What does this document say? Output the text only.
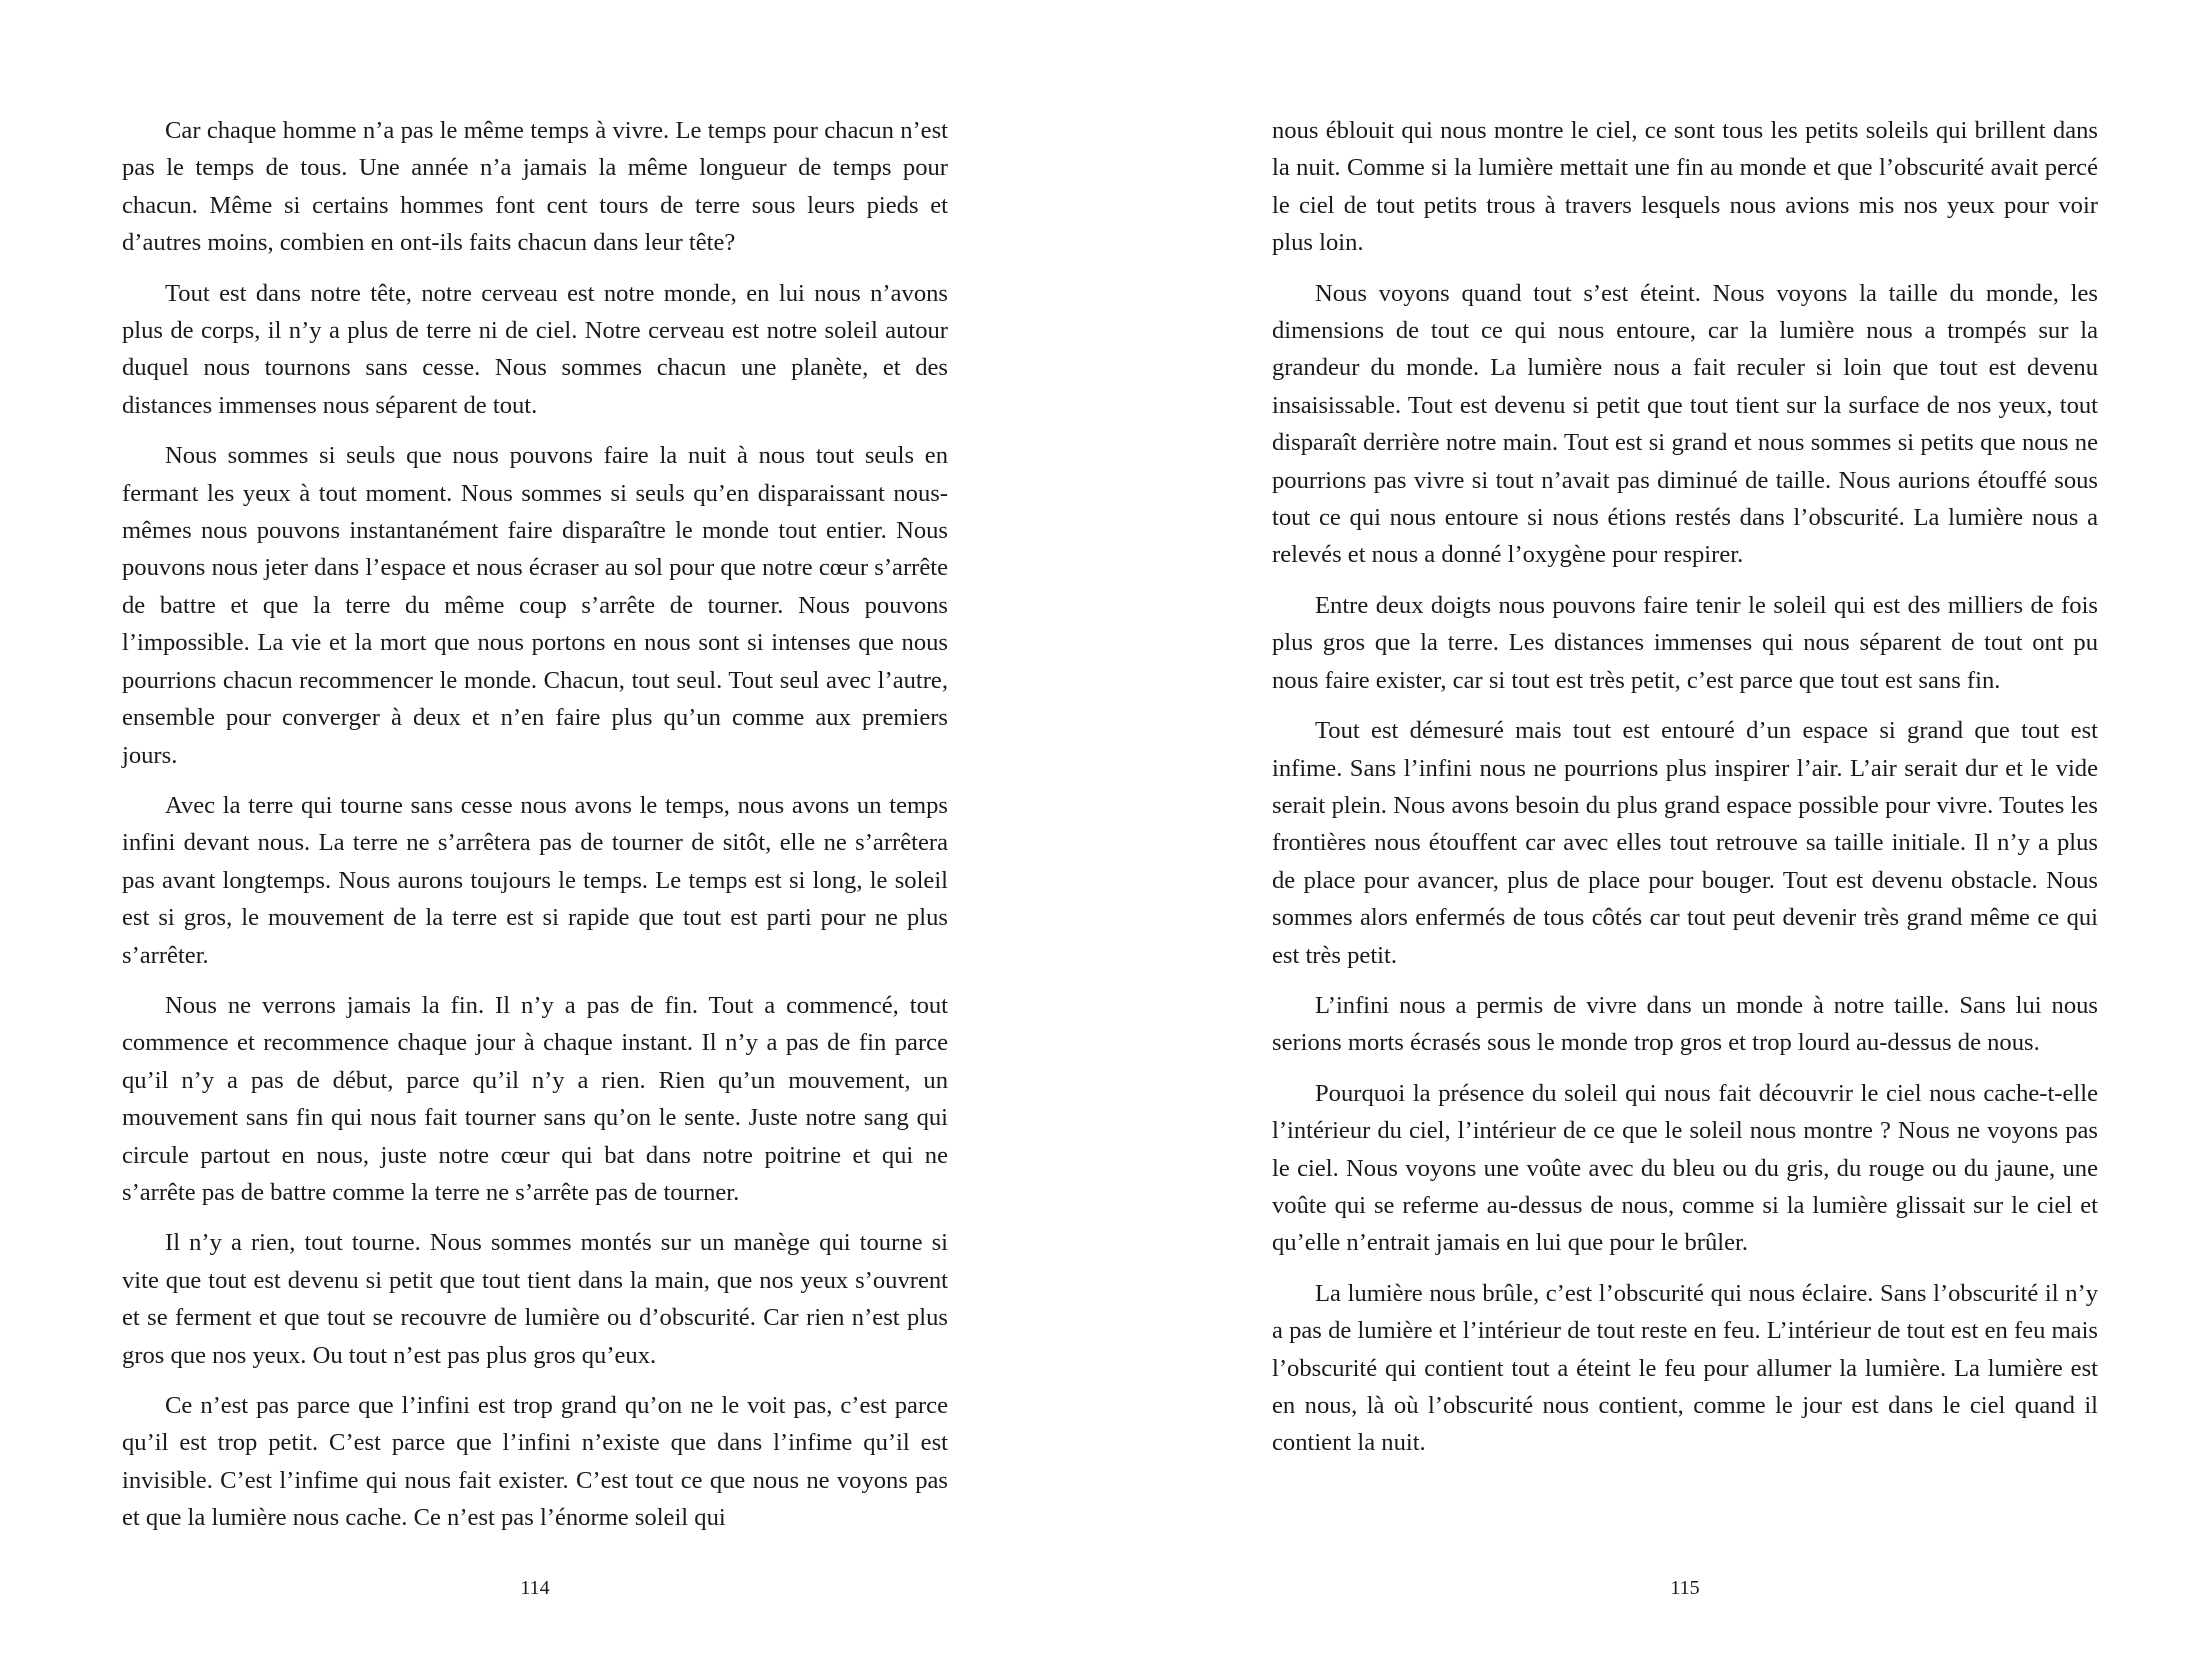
Car chaque homme n’a pas le même temps à vivre. Le temps pour chacun n’est pas le temps de tous. Une année n’a jamais la même longueur de temps pour chacun. Même si certains hommes font cent tours de terre sous leurs pieds et d’autres moins, combien en ont-ils faits chacun dans leur tête?

Tout est dans notre tête, notre cerveau est notre monde, en lui nous n’avons plus de corps, il n’y a plus de terre ni de ciel. Notre cerveau est notre soleil autour duquel nous tournons sans cesse. Nous sommes chacun une planète, et des distances immenses nous séparent de tout.

Nous sommes si seuls que nous pouvons faire la nuit à nous tout seuls en fermant les yeux à tout moment. Nous sommes si seuls qu’en disparaissant nous-mêmes nous pouvons instantanément faire disparaître le monde tout entier. Nous pouvons nous jeter dans l’espace et nous écraser au sol pour que notre cœur s’arrête de battre et que la terre du même coup s’arrête de tourner. Nous pouvons l’impossible. La vie et la mort que nous portons en nous sont si intenses que nous pourrions chacun recommencer le monde. Chacun, tout seul. Tout seul avec l’autre, ensemble pour converger à deux et n’en faire plus qu’un comme aux premiers jours.

Avec la terre qui tourne sans cesse nous avons le temps, nous avons un temps infini devant nous. La terre ne s’arrêtera pas de tourner de sitôt, elle ne s’arrêtera pas avant longtemps. Nous aurons toujours le temps. Le temps est si long, le soleil est si gros, le mouvement de la terre est si rapide que tout est parti pour ne plus s’arrêter.

Nous ne verrons jamais la fin. Il n’y a pas de fin. Tout a commencé, tout commence et recommence chaque jour à chaque instant. Il n’y a pas de fin parce qu’il n’y a pas de début, parce qu’il n’y a rien. Rien qu’un mouvement, un mouvement sans fin qui nous fait tourner sans qu’on le sente. Juste notre sang qui circule partout en nous, juste notre cœur qui bat dans notre poitrine et qui ne s’arrête pas de battre comme la terre ne s’arrête pas de tourner.

Il n’y a rien, tout tourne. Nous sommes montés sur un manège qui tourne si vite que tout est devenu si petit que tout tient dans la main, que nos yeux s’ouvrent et se ferment et que tout se recouvre de lumière ou d’obscurité. Car rien n’est plus gros que nos yeux. Ou tout n’est pas plus gros qu’eux.

Ce n’est pas parce que l’infini est trop grand qu’on ne le voit pas, c’est parce qu’il est trop petit. C’est parce que l’infini n’existe que dans l’infime qu’il est invisible. C’est l’infime qui nous fait exister. C’est tout ce que nous ne voyons pas et que la lumière nous cache. Ce n’est pas l’énorme soleil qui

114

nous éblouit qui nous montre le ciel, ce sont tous les petits soleils qui brillent dans la nuit. Comme si la lumière mettait une fin au monde et que l’obscurité avait percé le ciel de tout petits trous à travers lesquels nous avions mis nos yeux pour voir plus loin.

Nous voyons quand tout s’est éteint. Nous voyons la taille du monde, les dimensions de tout ce qui nous entoure, car la lumière nous a trompés sur la grandeur du monde. La lumière nous a fait reculer si loin que tout est devenu insaisissable. Tout est devenu si petit que tout tient sur la surface de nos yeux, tout disparaît derrière notre main. Tout est si grand et nous sommes si petits que nous ne pourrions pas vivre si tout n’avait pas diminué de taille. Nous aurions étouffé sous tout ce qui nous entoure si nous étions restés dans l’obscurité. La lumière nous a relevés et nous a donné l’oxygène pour respirer.

Entre deux doigts nous pouvons faire tenir le soleil qui est des milliers de fois plus gros que la terre. Les distances immenses qui nous séparent de tout ont pu nous faire exister, car si tout est très petit, c’est parce que tout est sans fin.

Tout est démesuré mais tout est entouré d’un espace si grand que tout est infime. Sans l’infini nous ne pourrions plus inspirer l’air. L’air serait dur et le vide serait plein. Nous avons besoin du plus grand espace possible pour vivre. Toutes les frontières nous étouffent car avec elles tout retrouve sa taille initiale. Il n’y a plus de place pour avancer, plus de place pour bouger. Tout est devenu obstacle. Nous sommes alors enfermés de tous côtés car tout peut devenir très grand même ce qui est très petit.

L’infini nous a permis de vivre dans un monde à notre taille. Sans lui nous serions morts écrasés sous le monde trop gros et trop lourd au-dessus de nous.

Pourquoi la présence du soleil qui nous fait découvrir le ciel nous cache-t-elle l’intérieur du ciel, l’intérieur de ce que le soleil nous montre ? Nous ne voyons pas le ciel. Nous voyons une voûte avec du bleu ou du gris, du rouge ou du jaune, une voûte qui se referme au-dessus de nous, comme si la lumière glissait sur le ciel et qu’elle n’entrait jamais en lui que pour le brûler.

La lumière nous brûle, c’est l’obscurité qui nous éclaire. Sans l’obscurité il n’y a pas de lumière et l’intérieur de tout reste en feu. L’intérieur de tout est en feu mais l’obscurité qui contient tout a éteint le feu pour allumer la lumière. La lumière est en nous, là où l’obscurité nous contient, comme le jour est dans le ciel quand il contient la nuit.

115
